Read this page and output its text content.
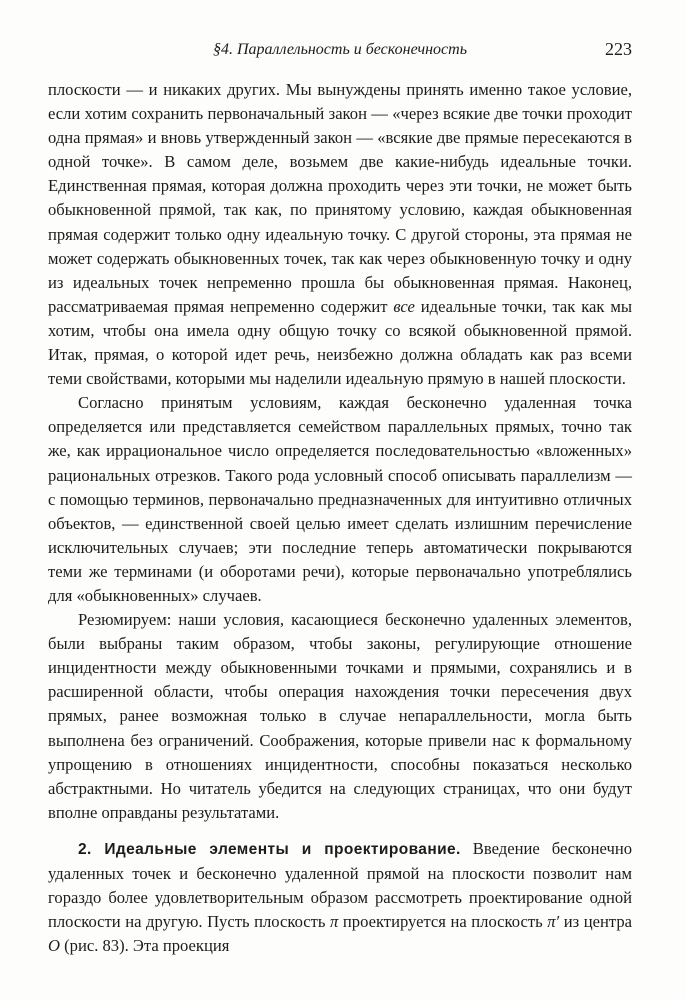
§4. Параллельность и бесконечность	223

плоскости — и никаких других. Мы вынуждены принять именно такое условие, если хотим сохранить первоначальный закон — «через всякие две точки проходит одна прямая» и вновь утвержденный закон — «всякие две прямые пересекаются в одной точке». В самом деле, возьмем две какие-нибудь идеальные точки. Единственная прямая, которая должна проходить через эти точки, не может быть обыкновенной прямой, так как, по принятому условию, каждая обыкновенная прямая содержит только одну идеальную точку. С другой стороны, эта прямая не может содержать обыкновенных точек, так как через обыкновенную точку и одну из идеальных точек непременно прошла бы обыкновенная прямая. Наконец, рассматриваемая прямая непременно содержит все идеальные точки, так как мы хотим, чтобы она имела одну общую точку со всякой обыкновенной прямой. Итак, прямая, о которой идет речь, неизбежно должна обладать как раз всеми теми свойствами, которыми мы наделили идеальную прямую в нашей плоскости.

Согласно принятым условиям, каждая бесконечно удаленная точка определяется или представляется семейством параллельных прямых, точно так же, как иррациональное число определяется последовательностью «вложенных» рациональных отрезков. Такого рода условный способ описывать параллелизм — с помощью терминов, первоначально предназначенных для интуитивно отличных объектов, — единственной своей целью имеет сделать излишним перечисление исключительных случаев; эти последние теперь автоматически покрываются теми же терминами (и оборотами речи), которые первоначально употреблялись для «обыкновенных» случаев.

Резюмируем: наши условия, касающиеся бесконечно удаленных элементов, были выбраны таким образом, чтобы законы, регулирующие отношение инцидентности между обыкновенными точками и прямыми, сохранялись и в расширенной области, чтобы операция нахождения точки пересечения двух прямых, ранее возможная только в случае непараллельности, могла быть выполнена без ограничений. Соображения, которые привели нас к формальному упрощению в отношениях инцидентности, способны показаться несколько абстрактными. Но читатель убедится на следующих страницах, что они будут вполне оправданы результатами.

2. Идеальные элементы и проектирование. Введение бесконечно удаленных точек и бесконечно удаленной прямой на плоскости позволит нам гораздо более удовлетворительным образом рассмотреть проектирование одной плоскости на другую. Пусть плоскость π проектируется на плоскость π′ из центра O (рис. 83). Эта проекция
